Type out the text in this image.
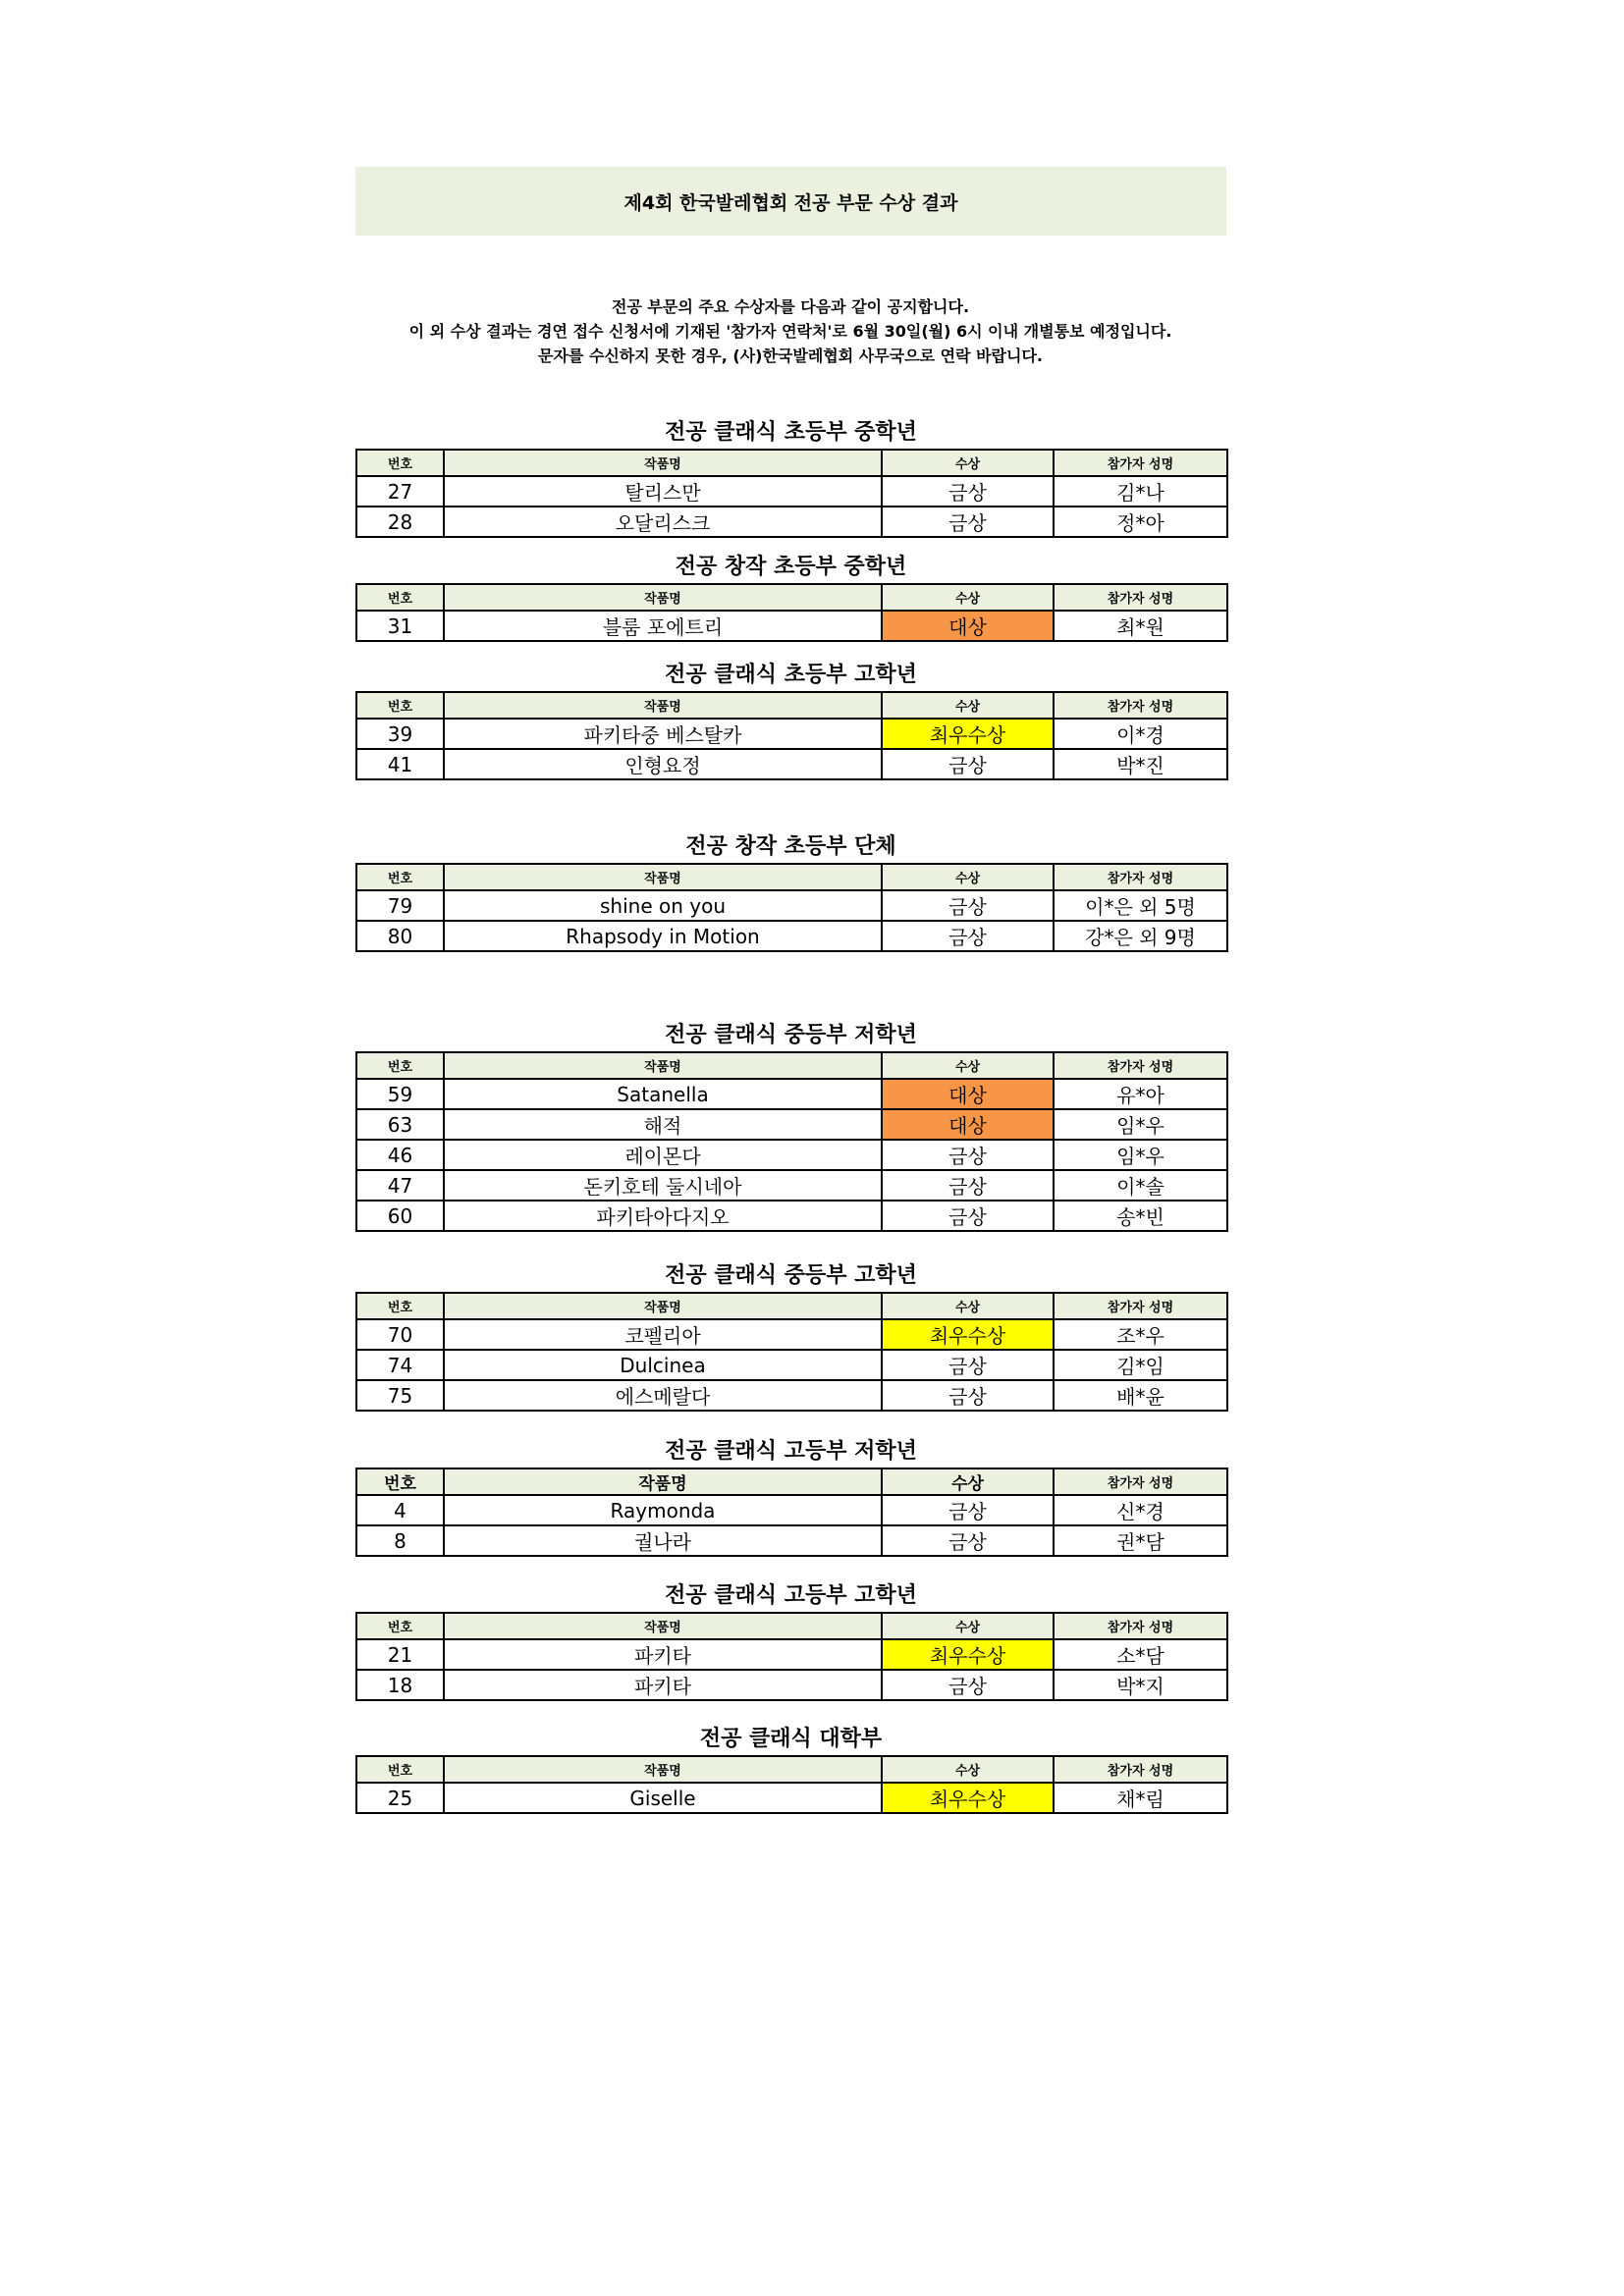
제4회 한국발레협회 전공 부문 수상 결과
전공 부문의 주요 수상자를 다음과 같이 공지합니다.
이 외 수상 결과는 경연 접수 신청서에 기재된 '참가자 연락처'로 6월 30일(월) 6시 이내 개별통보 예정입니다.
문자를 수신하지 못한 경우, (사)한국발레협회 사무국으로 연락 바랍니다.
전공 클래식 초등부 중학년
번호	작품명	수상	참가자 성명
27	탈리스만	금상	김*나
28	오달리스크	금상	정*아
전공 창작 초등부 중학년
번호	작품명	수상	참가자 성명
31	블룸 포에트리	대상	최*원
전공 클래식 초등부 고학년
번호	작품명	수상	참가자 성명
39	파키타중 베스탈카	최우수상	이*경
41	인형요정	금상	박*진
전공 창작 초등부 단체
번호	작품명	수상	참가자 성명
79	shine on you	금상	이*은 외 5명
80	Rhapsody in Motion	금상	강*은 외 9명
전공 클래식 중등부 저학년
번호	작품명	수상	참가자 성명
59	Satanella	대상	유*아
63	해적	대상	임*우
46	레이몬다	금상	임*우
47	돈키호테 둘시네아	금상	이*솔
60	파키타아다지오	금상	송*빈
전공 클래식 중등부 고학년
번호	작품명	수상	참가자 성명
70	코펠리아	최우수상	조*우
74	Dulcinea	금상	김*임
75	에스메랄다	금상	배*윤
전공 클래식 고등부 저학년
번호	작품명	수상	참가자 성명
4	Raymonda	금상	신*경
8	궐나라	금상	권*담
전공 클래식 고등부 고학년
번호	작품명	수상	참가자 성명
21	파키타	최우수상	소*담
18	파키타	금상	박*지
전공 클래식 대학부
번호	작품명	수상	참가자 성명
25	Giselle	최우수상	채*림
